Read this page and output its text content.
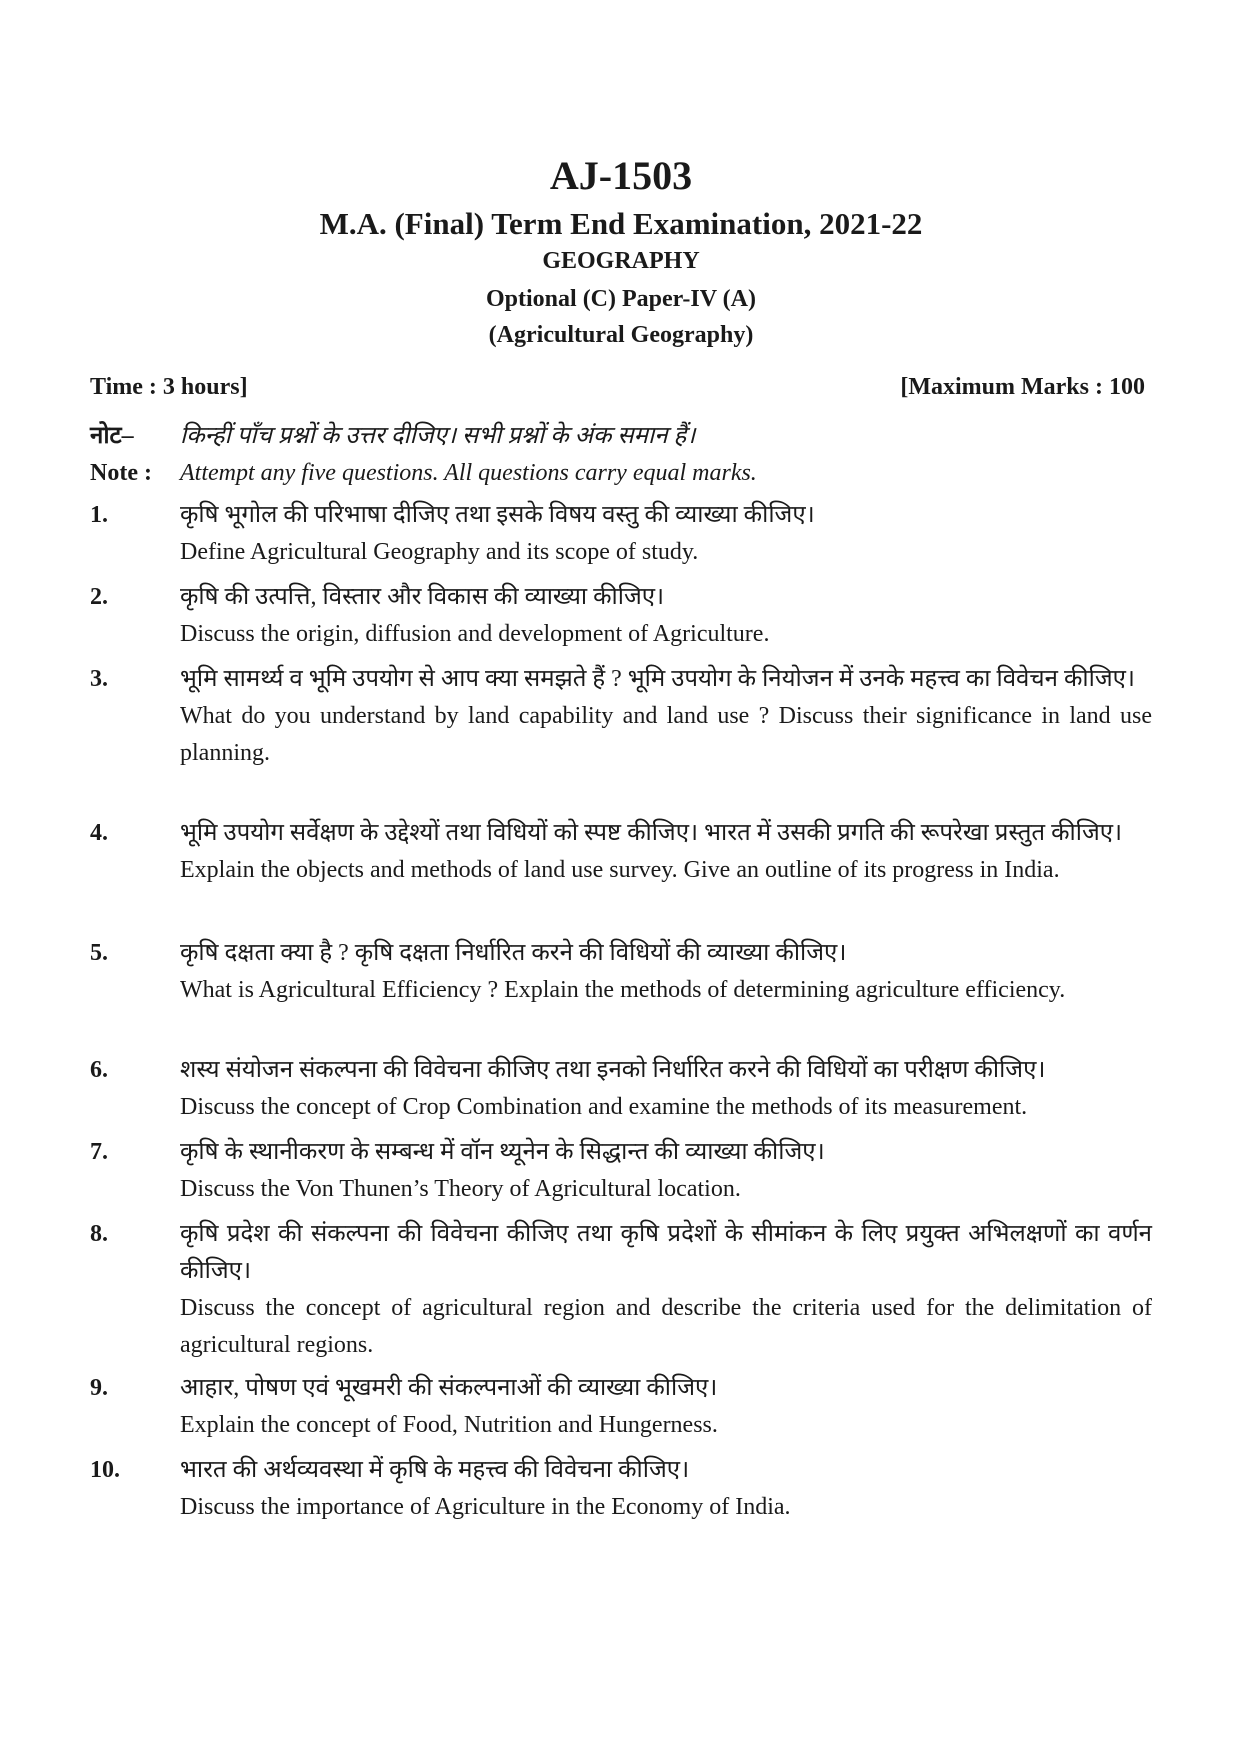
AJ-1503
M.A. (Final) Term End Examination, 2021-22
GEOGRAPHY
Optional (C) Paper-IV (A)
(Agricultural Geography)
Time : 3 hours]	[Maximum Marks : 100
नोट– किन्हीं पाँच प्रश्नों के उत्तर दीजिए। सभी प्रश्नों के अंक समान हैं।
Note : Attempt any five questions. All questions carry equal marks.
1.	कृषि भूगोल की परिभाषा दीजिए तथा इसके विषय वस्तु की व्याख्या कीजिए।
Define Agricultural Geography and its scope of study.
2.	कृषि की उत्पत्ति, विस्तार और विकास की व्याख्या कीजिए।
Discuss the origin, diffusion and development of Agriculture.
3.	भूमि सामर्थ्य व भूमि उपयोग से आप क्या समझते हैं ? भूमि उपयोग के नियोजन में उनके महत्त्व का विवेचन कीजिए।
What do you understand by land capability and land use ? Discuss their significance in land use planning.
4.	भूमि उपयोग सर्वेक्षण के उद्देश्यों तथा विधियों को स्पष्ट कीजिए। भारत में उसकी प्रगति की रूपरेखा प्रस्तुत कीजिए।
Explain the objects and methods of land use survey. Give an outline of its progress in India.
5.	कृषि दक्षता क्या है ? कृषि दक्षता निर्धारित करने की विधियों की व्याख्या कीजिए।
What is Agricultural Efficiency ? Explain the methods of determining agriculture efficiency.
6.	शस्य संयोजन संकल्पना की विवेचना कीजिए तथा इनको निर्धारित करने की विधियों का परीक्षण कीजिए।
Discuss the concept of Crop Combination and examine the methods of its measurement.
7.	कृषि के स्थानीकरण के सम्बन्ध में वॉन थ्यूनेन के सिद्धान्त की व्याख्या कीजिए।
Discuss the Von Thunen’s Theory of Agricultural location.
8.	कृषि प्रदेश की संकल्पना की विवेचना कीजिए तथा कृषि प्रदेशों के सीमांकन के लिए प्रयुक्त अभिलक्षणों का वर्णन कीजिए।
Discuss the concept of agricultural region and describe the criteria used for the delimitation of agricultural regions.
9.	आहार, पोषण एवं भूखमरी की संकल्पनाओं की व्याख्या कीजिए।
Explain the concept of Food, Nutrition and Hungerness.
10.	भारत की अर्थव्यवस्था में कृषि के महत्त्व की विवेचना कीजिए।
Discuss the importance of Agriculture in the Economy of India.
